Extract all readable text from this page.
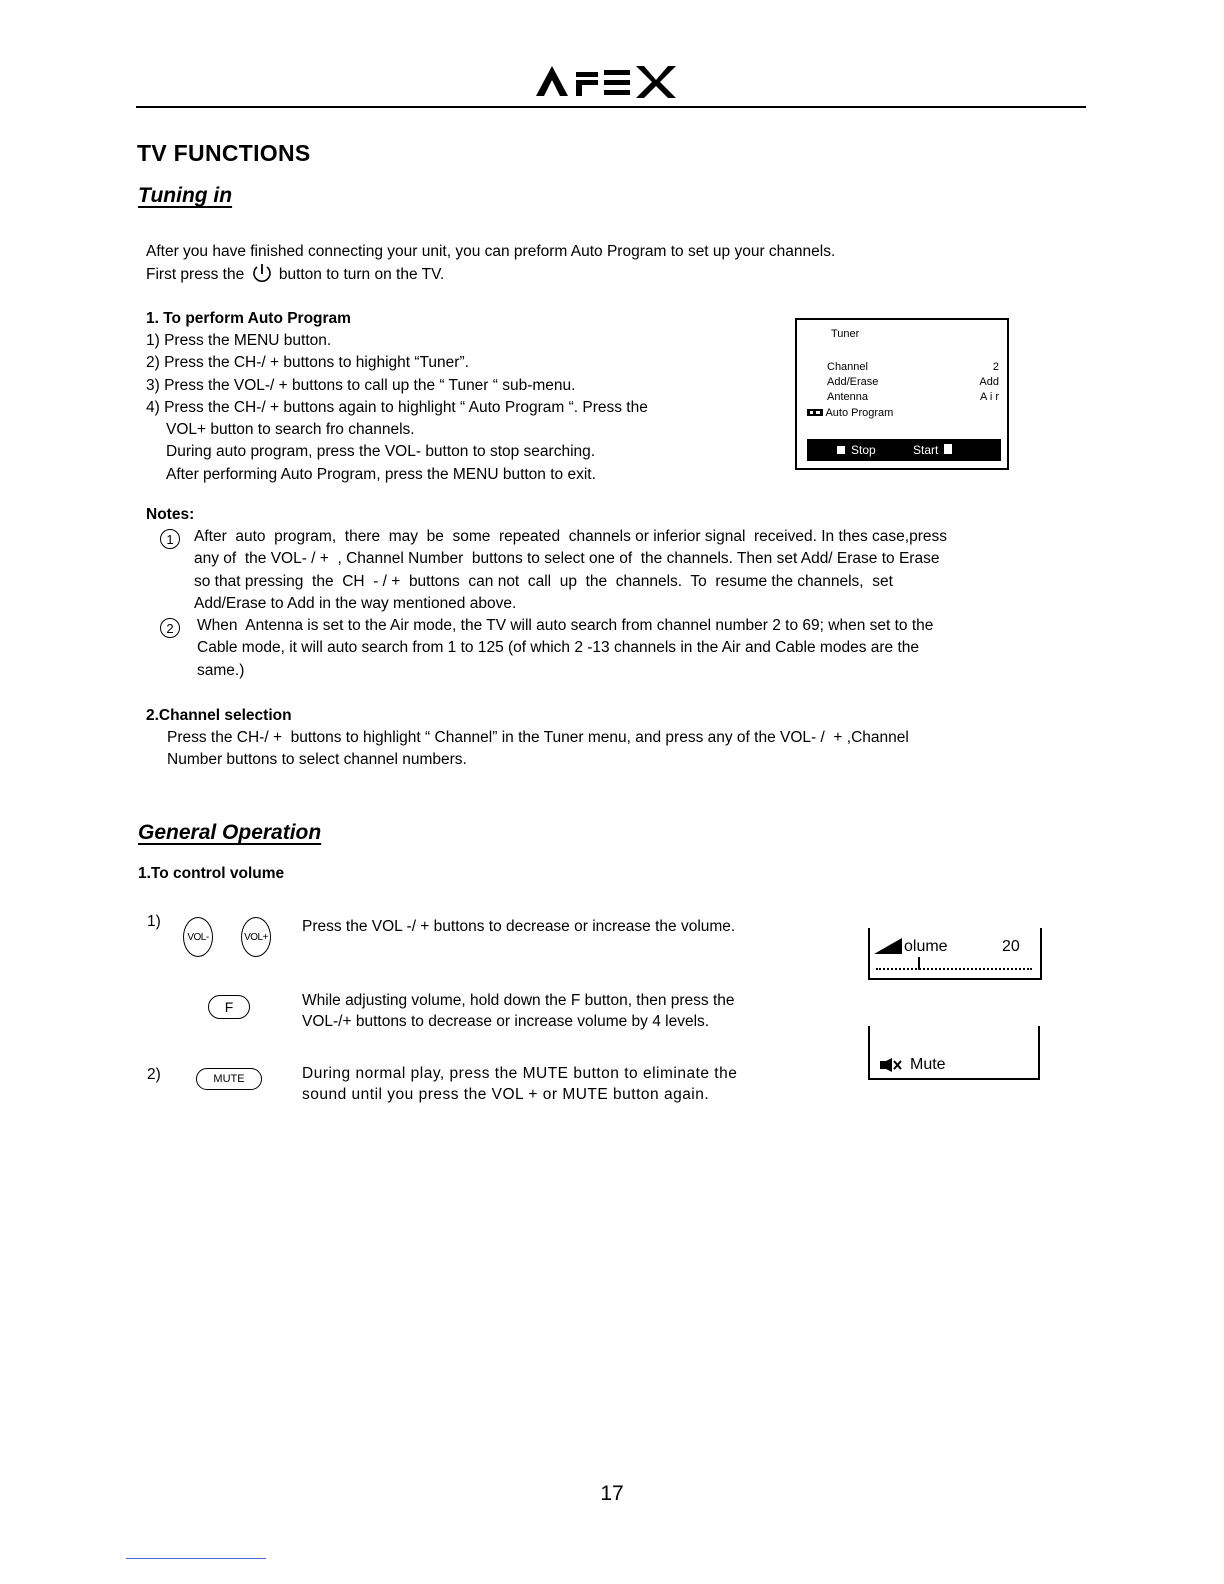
TV FUNCTIONS
Tuning in
After you have finished connecting your unit, you can preform Auto Program to set up your channels.
First press the button to turn on the TV.
1. To perform Auto Program
1) Press the MENU button.
2) Press the CH-/ + buttons to highight “Tuner”.
3) Press the VOL-/ + buttons to call up the “ Tuner “ sub-menu.
4) Press the CH-/ + buttons again to highlight “ Auto Program “. Press the
VOL+ button to search fro channels.
During auto program, press the VOL- button to stop searching.
After performing Auto Program, press the MENU button to exit.
Tuner
Channel	2
Add/Erase	Add
Antenna	A i r
Auto Program
Stop	Start
Notes:
1	After  auto  program,  there  may  be  some  repeated  channels or inferior signal  received. In thes case,press
any of  the VOL- / +  , Channel Number  buttons to select one of  the channels. Then set Add/ Erase to Erase
so that pressing  the  CH  - / +  buttons  can not  call  up  the  channels.  To  resume the channels,  set
Add/Erase to Add in the way mentioned above.
2	When  Antenna is set to the Air mode, the TV will auto search from channel number 2 to 69; when set to the
Cable mode, it will auto search from 1 to 125 (of which 2 -13 channels in the Air and Cable modes are the
same.)
2.Channel selection
Press the CH-/ +  buttons to highlight “ Channel” in the Tuner menu, and press any of the VOL- /  + ,Channel
Number buttons to select channel numbers.
General Operation
1.To control volume
1)
VOL-	VOL+
Press the VOL -/ + buttons to decrease or increase the volume.
F	While adjusting volume, hold down the F button, then press the
VOL-/+ buttons to decrease or increase volume by 4 levels.
2)	MUTE	During normal play, press the MUTE button to eliminate the
sound until you press the VOL + or MUTE button again.
olume	20
Mute
17
